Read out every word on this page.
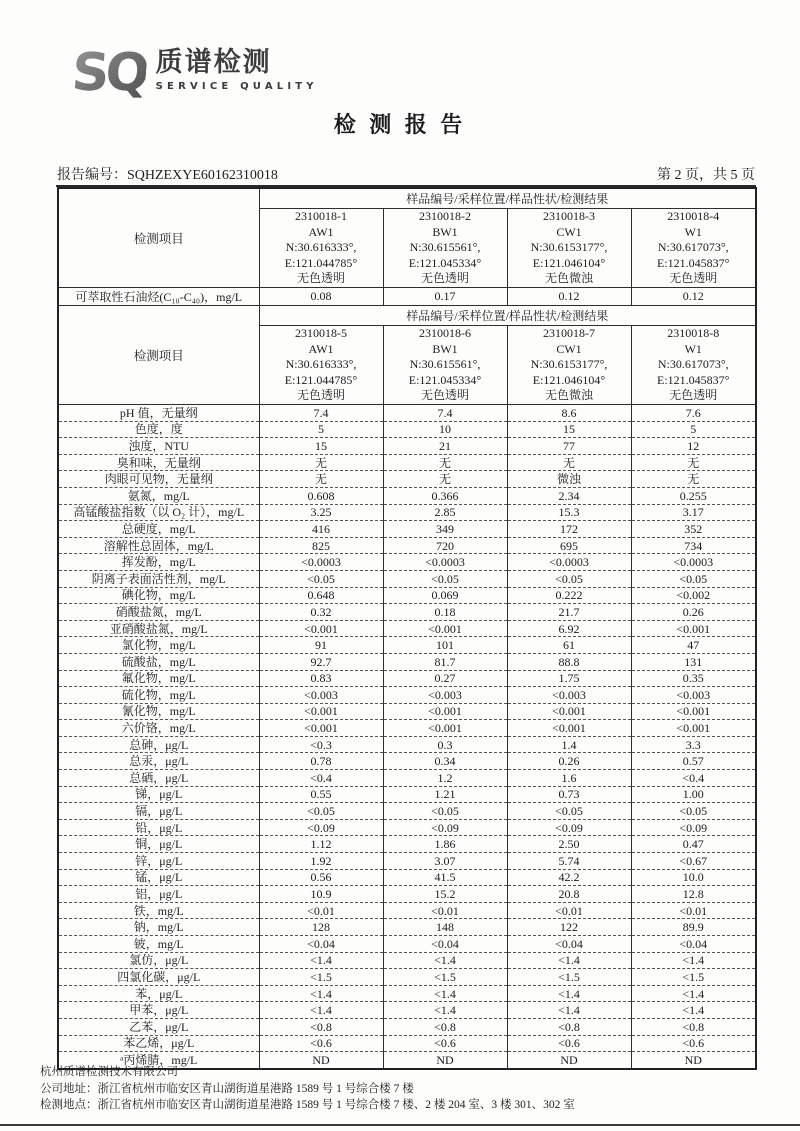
SQ 质谱检测
SERVICE QUALITY
检 测 报 告
报告编号：SQHZEXYE60162310018	第 2 页，共 5 页
检测项目	样品编号/采样位置/样品性状/检测结果			

2310018-1
AW1
N:30.616333°,
E:121.044785°
无色透明

2310018-2
BW1
N:30.615561°,
E:121.045334°
无色透明

2310018-3
CW1
N:30.6153177°,
E:121.046104°
无色微浊

2310018-4
W1
N:30.617073°,
E:121.045837°
无色透明

可萃取性石油烃(C₁₀-C₄₀)，mg/L	0.08	0.17	0.12	0.12
检测项目	样品编号/采样位置/样品性状/检测结果			

2310018-5
AW1
N:30.616333°,
E:121.044785°
无色透明

2310018-6
BW1
N:30.615561°,
E:121.045334°
无色透明

2310018-7
CW1
N:30.6153177°,
E:121.046104°
无色微浊

2310018-8
W1
N:30.617073°,
E:121.045837°
无色透明

pH 值，无量纲	7.4	7.4	8.6	7.6
色度，度	5	10	15	5
浊度，NTU	15	21	77	12
臭和味，无量纲	无	无	无	无
肉眼可见物，无量纲	无	无	微浊	无
氨氮，mg/L	0.608	0.366	2.34	0.255
高锰酸盐指数（以 O₂ 计），mg/L	3.25	2.85	15.3	3.17
总硬度，mg/L	416	349	172	352
溶解性总固体，mg/L	825	720	695	734
挥发酚，mg/L	<0.0003	<0.0003	<0.0003	<0.0003
阴离子表面活性剂，mg/L	<0.05	<0.05	<0.05	<0.05
碘化物，mg/L	0.648	0.069	0.222	<0.002
硝酸盐氮，mg/L	0.32	0.18	21.7	0.26
亚硝酸盐氮，mg/L	<0.001	<0.001	6.92	<0.001
氯化物，mg/L	91	101	61	47
硫酸盐，mg/L	92.7	81.7	88.8	131
氟化物，mg/L	0.83	0.27	1.75	0.35
硫化物，mg/L	<0.003	<0.003	<0.003	<0.003
氰化物，mg/L	<0.001	<0.001	<0.001	<0.001
六价铬，mg/L	<0.001	<0.001	<0.001	<0.001
总砷，μg/L	<0.3	0.3	1.4	3.3
总汞，μg/L	0.78	0.34	0.26	0.57
总硒，μg/L	<0.4	1.2	1.6	<0.4
锑，μg/L	0.55	1.21	0.73	1.00
镉，μg/L	<0.05	<0.05	<0.05	<0.05
铅，μg/L	<0.09	<0.09	<0.09	<0.09
铜，μg/L	1.12	1.86	2.50	0.47
锌，μg/L	1.92	3.07	5.74	<0.67
锰，μg/L	0.56	41.5	42.2	10.0
铝，μg/L	10.9	15.2	20.8	12.8
铁，mg/L	<0.01	<0.01	<0.01	<0.01
钠，mg/L	128	148	122	89.9
铍，mg/L	<0.04	<0.04	<0.04	<0.04
氯仿，μg/L	<1.4	<1.4	<1.4	<1.4
四氯化碳，μg/L	<1.5	<1.5	<1.5	<1.5
苯，μg/L	<1.4	<1.4	<1.4	<1.4
甲苯，μg/L	<1.4	<1.4	<1.4	<1.4
乙苯，μg/L	<0.8	<0.8	<0.8	<0.8
苯乙烯，μg/L	<0.6	<0.6	<0.6	<0.6
ᵃ丙烯腈，mg/L	ND	ND	ND	ND
杭州质谱检测技术有限公司
公司地址：浙江省杭州市临安区青山湖街道星港路 1589 号 1 号综合楼 7 楼
检测地点：浙江省杭州市临安区青山湖街道星港路 1589 号 1 号综合楼 7 楼、2 楼 204 室、3 楼 301、302 室
